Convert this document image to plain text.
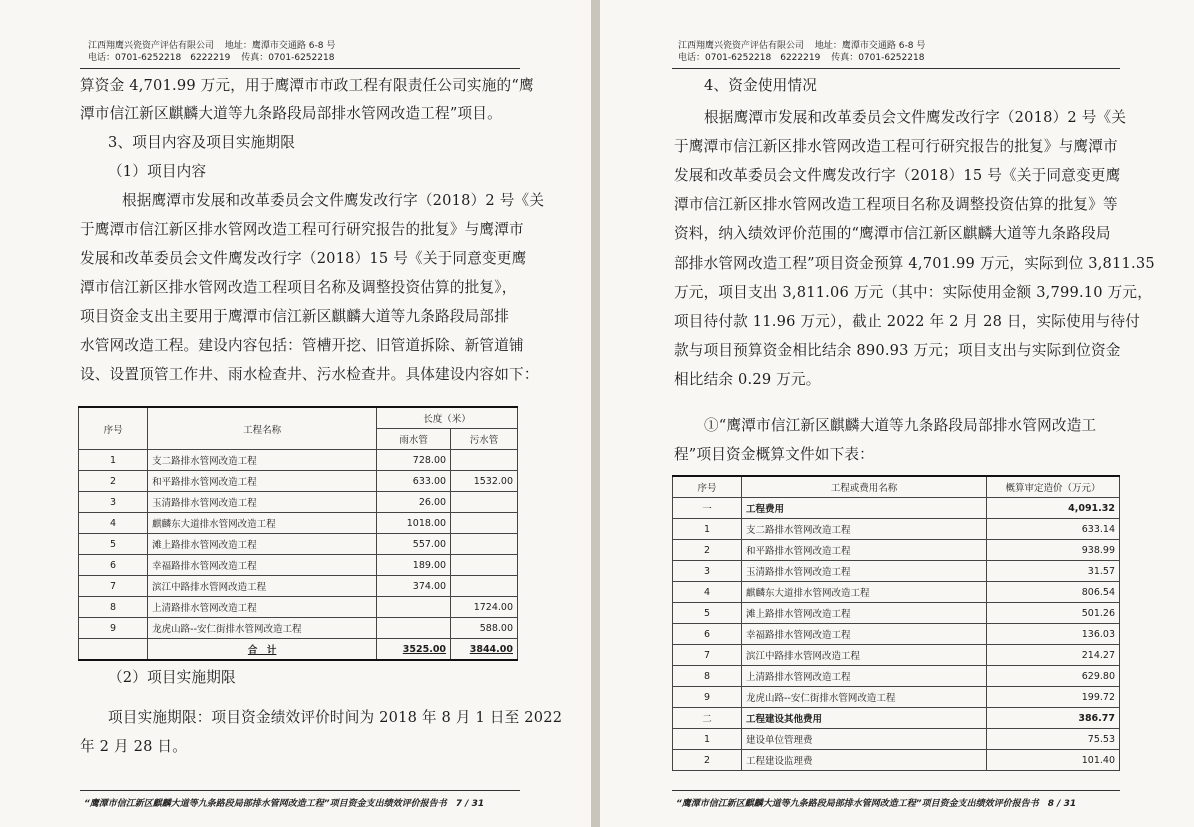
江西翔鹰兴瓷资产评估有限公司 地址：鹰潭市交通路 6-8 号
电话：0701-6252218　6222219 传真：0701-6252218
算资金 4,701.99 万元，用于鹰潭市市政工程有限责任公司实施的“鹰
潭市信江新区麒麟大道等九条路段局部排水管网改造工程”项目。
3、项目内容及项目实施期限
（1）项目内容
根据鹰潭市发展和改革委员会文件鹰发改行字（2018）2 号《关
于鹰潭市信江新区排水管网改造工程可行研究报告的批复》与鹰潭市
发展和改革委员会文件鹰发改行字（2018）15 号《关于同意变更鹰
潭市信江新区排水管网改造工程项目名称及调整投资估算的批复》，
项目资金支出主要用于鹰潭市信江新区麒麟大道等九条路段局部排
水管网改造工程。建设内容包括：管槽开挖、旧管道拆除、新管道铺
设、设置顶管工作井、雨水检查井、污水检查井。具体建设内容如下：
序号	工程名称	长度（米）	
		雨水管	污水管
1	支二路排水管网改造工程	728.00	
2	和平路排水管网改造工程	633.00	1532.00
3	玉清路排水管网改造工程	26.00	
4	麒麟东大道排水管网改造工程	1018.00	
5	滩上路排水管网改造工程	557.00	
6	幸福路排水管网改造工程	189.00	
7	滨江中路排水管网改造工程	374.00	
8	上清路排水管网改造工程		1724.00
9	龙虎山路--安仁街排水管网改造工程		588.00
	合　计	3525.00	3844.00
（2）项目实施期限
项目实施期限：项目资金绩效评价时间为 2018 年 8 月 1 日至 2022
年 2 月 28 日。
“鹰潭市信江新区麒麟大道等九条路段局部排水管网改造工程”项目资金支出绩效评价报告书 7 / 31
江西翔鹰兴瓷资产评估有限公司 地址：鹰潭市交通路 6-8 号
电话：0701-6252218　6222219 传真：0701-6252218
4、资金使用情况
根据鹰潭市发展和改革委员会文件鹰发改行字（2018）2 号《关
于鹰潭市信江新区排水管网改造工程可行研究报告的批复》与鹰潭市
发展和改革委员会文件鹰发改行字（2018）15 号《关于同意变更鹰
潭市信江新区排水管网改造工程项目名称及调整投资估算的批复》等
资料，纳入绩效评价范围的“鹰潭市信江新区麒麟大道等九条路段局
部排水管网改造工程”项目资金预算 4,701.99 万元，实际到位 3,811.35
万元，项目支出 3,811.06 万元（其中：实际使用金额 3,799.10 万元，
项目待付款 11.96 万元），截止 2022 年 2 月 28 日，实际使用与待付
款与项目预算资金相比结余 890.93 万元；项目支出与实际到位资金
相比结余 0.29 万元。
①“鹰潭市信江新区麒麟大道等九条路段局部排水管网改造工
程”项目资金概算文件如下表：
序号	工程或费用名称	概算审定造价（万元）
一	工程费用	4,091.32
1	支二路排水管网改造工程	633.14
2	和平路排水管网改造工程	938.99
3	玉清路排水管网改造工程	31.57
4	麒麟东大道排水管网改造工程	806.54
5	滩上路排水管网改造工程	501.26
6	幸福路排水管网改造工程	136.03
7	滨江中路排水管网改造工程	214.27
8	上清路排水管网改造工程	629.80
9	龙虎山路--安仁街排水管网改造工程	199.72
二	工程建设其他费用	386.77
1	建设单位管理费	75.53
2	工程建设监理费	101.40
“鹰潭市信江新区麒麟大道等九条路段局部排水管网改造工程”项目资金支出绩效评价报告书 8 / 31
